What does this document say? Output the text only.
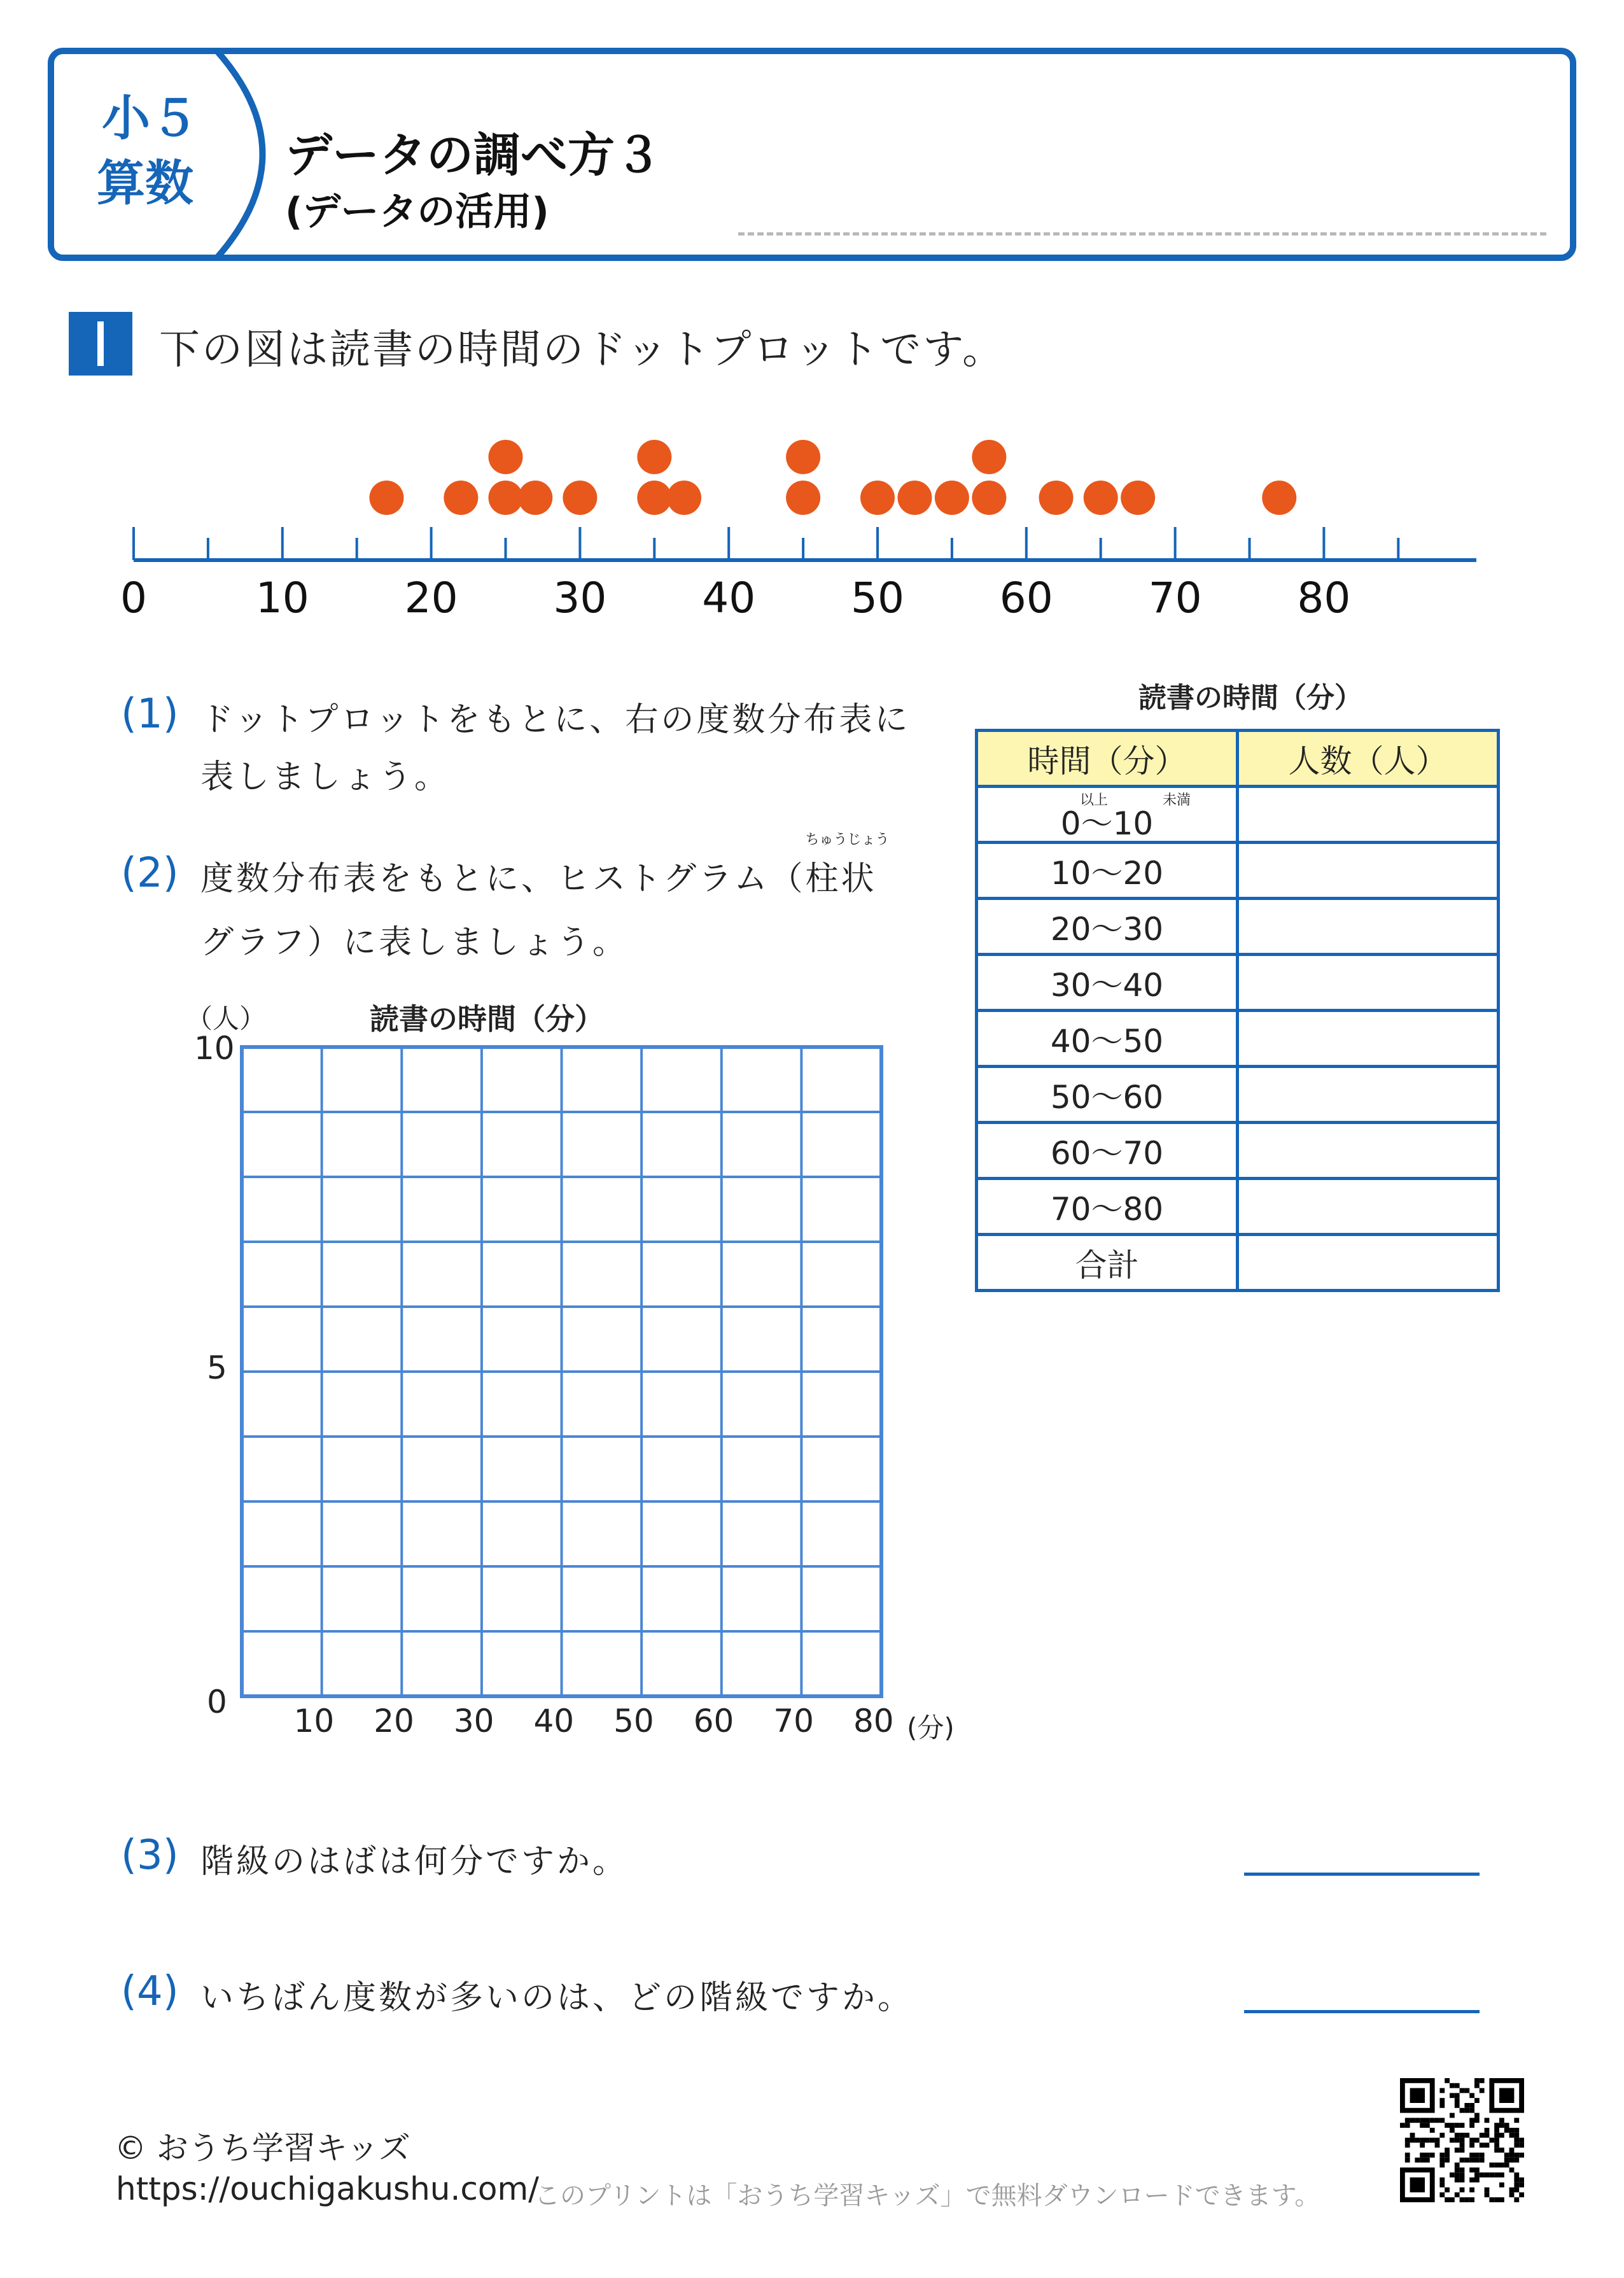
小５
算数 データの調べ方３
(データの活用)
下の図は読書の時間のドットプロットです。
0	10 20 30 40 50 60 70 80
(1) ドットプロットをもとに、右の度数分布表に
表しましょう。
(2) 度数分布表をもとに、ヒストグラム（
ちゅうじょう
柱状
グラフ）に表しましょう。
読書の時間（分）
時間（分）	人数（人）

以上 未満
0〜10	
10〜20	
20〜30	
30〜40	
40〜50	
50〜60	
60〜70	
70〜80	
合計	
読書の時間（分）
（人）
10
5
0
10 20 30 40 50 60 70 80 (分)
(3) 階級のはばは何分ですか。
(4) いちばん度数が多いのは、どの階級ですか。
© おうち学習キッズ
https://ouchigakushu.com/
このプリントは「おうち学習キッズ」で無料ダウンロードできます。
